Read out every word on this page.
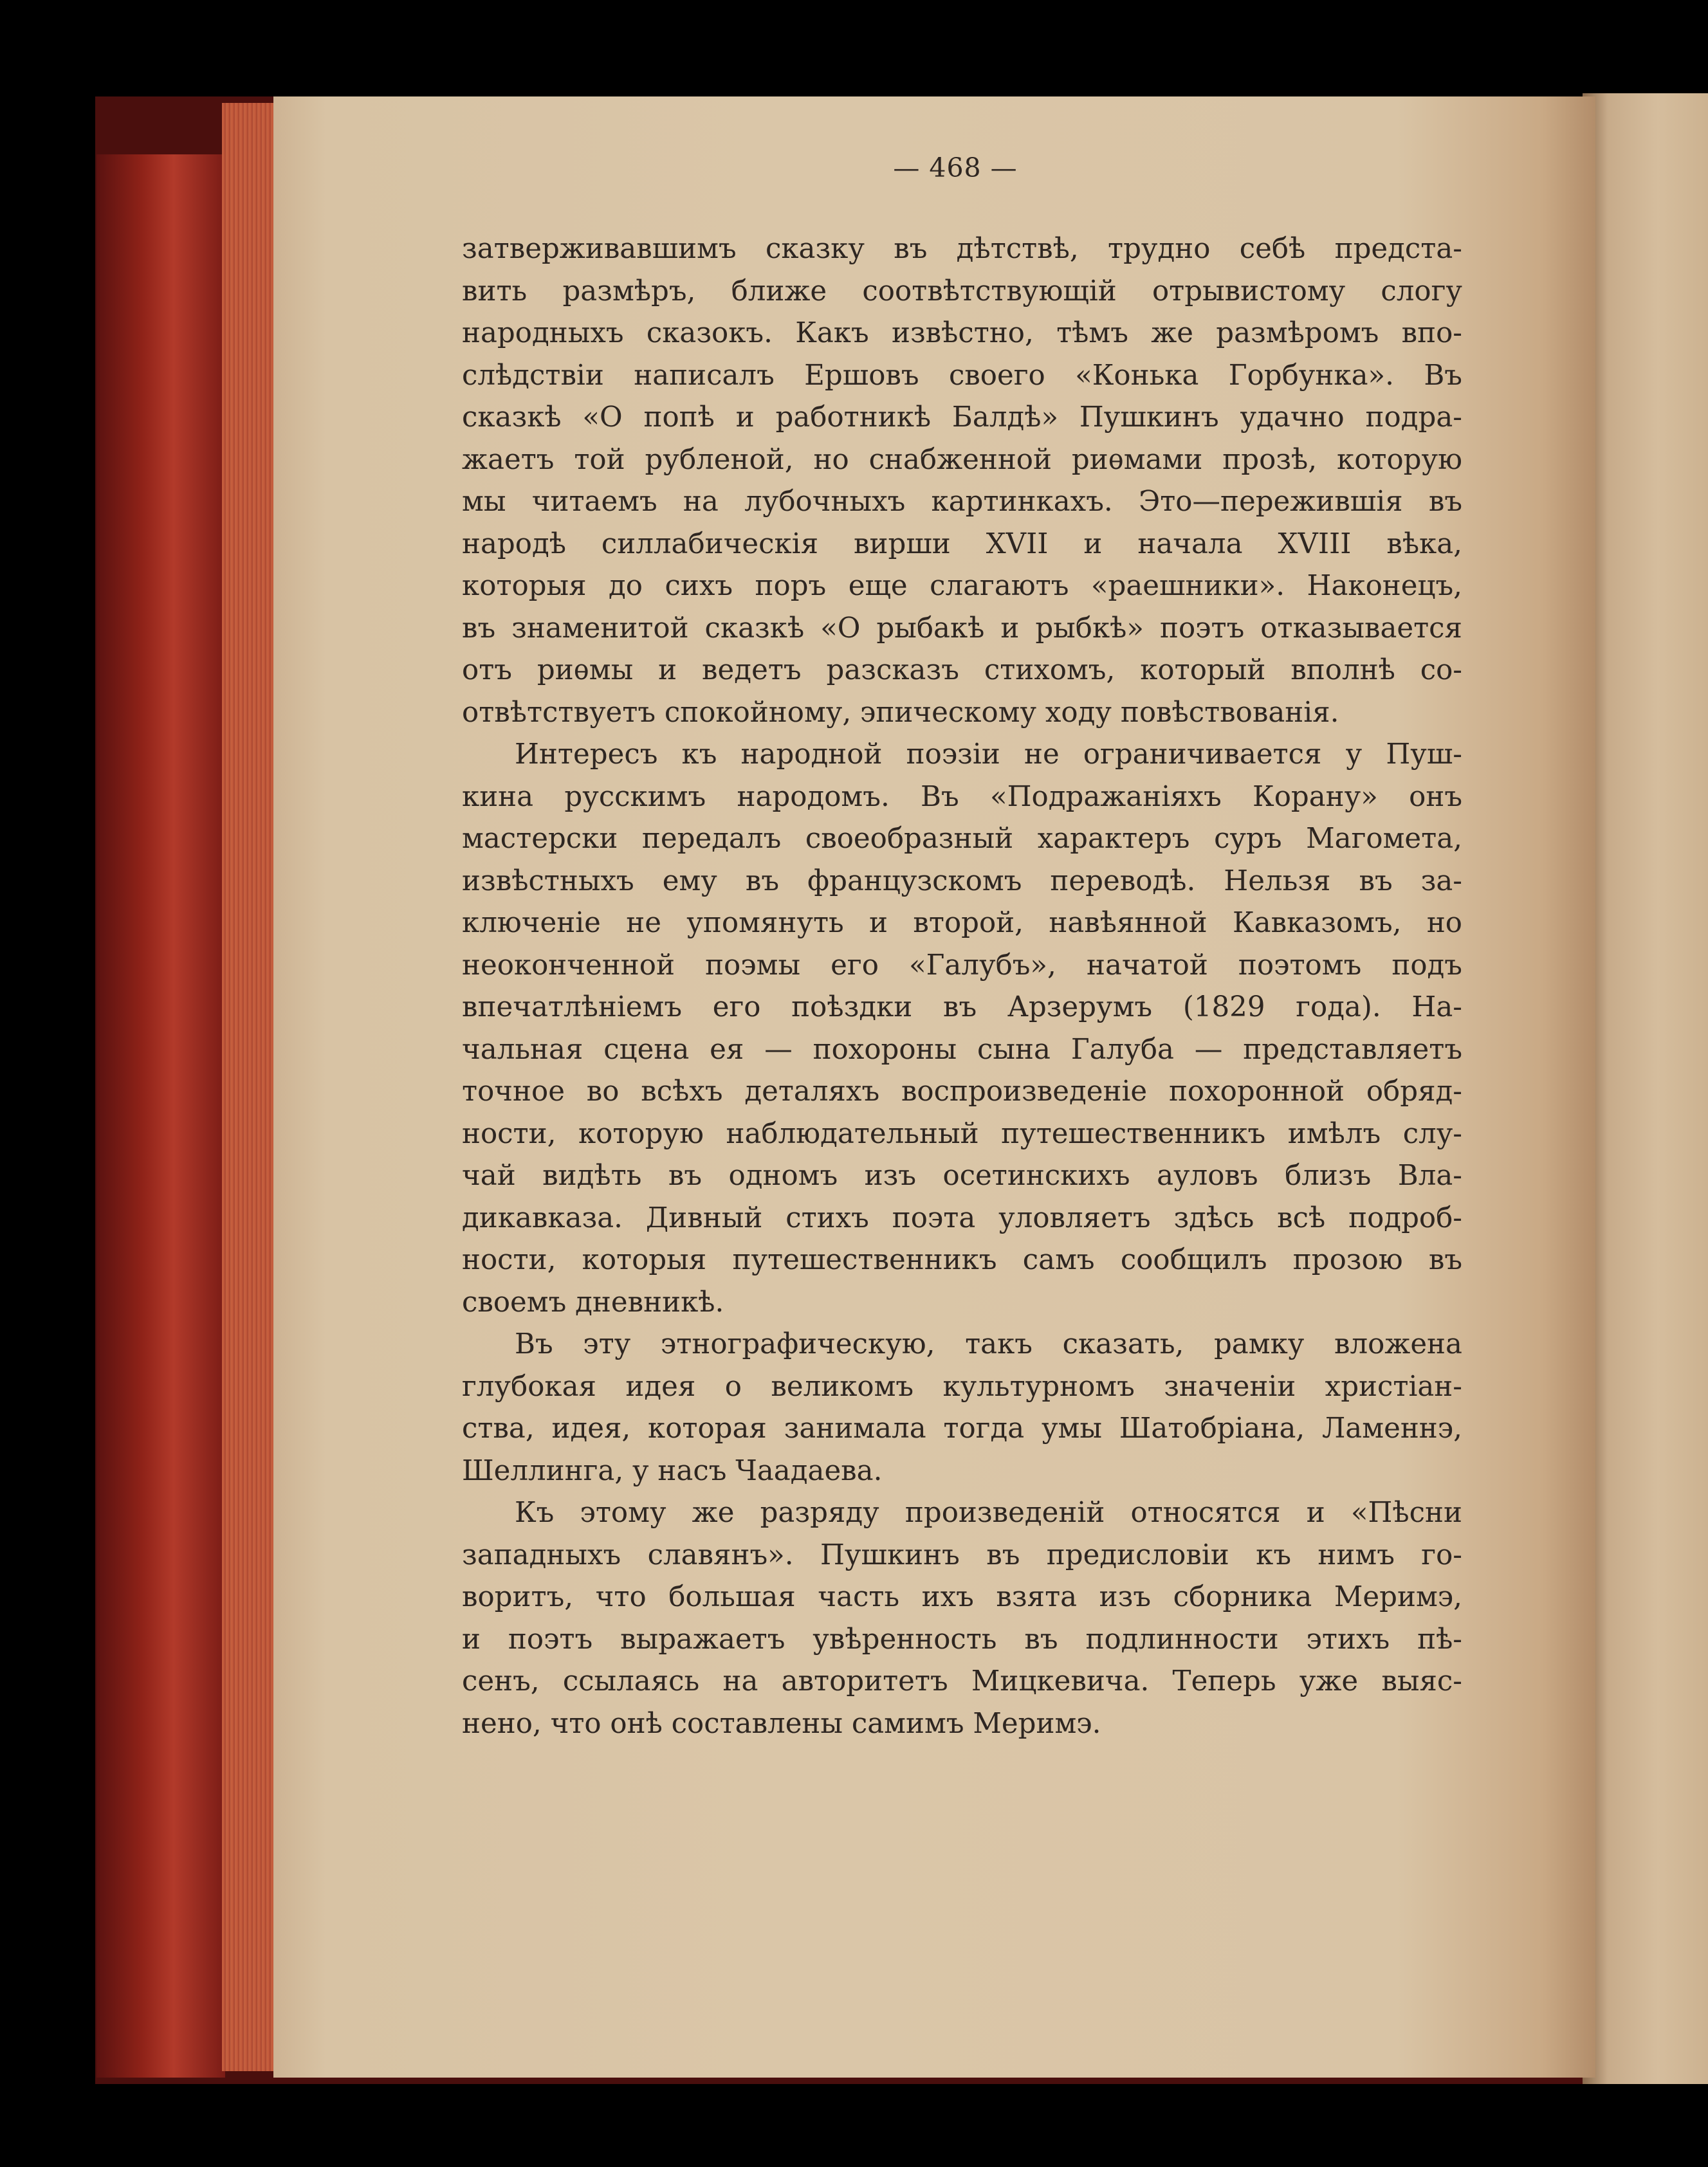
— 468 —
затверживавшимъ сказку въ дѣтствѣ, трудно себѣ предста-
вить размѣръ, ближе соотвѣтствующій отрывистому слогу
народныхъ сказокъ. Какъ извѣстно, тѣмъ же размѣромъ впо-
слѣдствіи написалъ Ершовъ своего «Конька Горбунка». Въ
сказкѣ «О попѣ и работникѣ Балдѣ» Пушкинъ удачно подра-
жаетъ той рубленой, но снабженной риѳмами прозѣ, которую
мы читаемъ на лубочныхъ картинкахъ. Это—пережившія въ
народѣ силлабическія вирши XVII и начала XVIII вѣка,
которыя до сихъ поръ еще слагаютъ «раешники». Наконецъ,
въ знаменитой сказкѣ «О рыбакѣ и рыбкѣ» поэтъ отказывается
отъ риѳмы и ведетъ разсказъ стихомъ, который вполнѣ со-
отвѣтствуетъ спокойному, эпическому ходу повѣствованія.
Интересъ къ народной поэзіи не ограничивается у Пуш-
кина русскимъ народомъ. Въ «Подражаніяхъ Корану» онъ
мастерски передалъ своеобразный характеръ суръ Магомета,
извѣстныхъ ему въ французскомъ переводѣ. Нельзя въ за-
ключеніе не упомянуть и второй, навѣянной Кавказомъ, но
неоконченной поэмы его «Галубъ», начатой поэтомъ подъ
впечатлѣніемъ его поѣздки въ Арзерумъ (1829 года). На-
чальная сцена ея — похороны сына Галуба — представляетъ
точное во всѣхъ деталяхъ воспроизведеніе похоронной обряд-
ности, которую наблюдательный путешественникъ имѣлъ слу-
чай видѣть въ одномъ изъ осетинскихъ ауловъ близъ Вла-
дикавказа. Дивный стихъ поэта уловляетъ здѣсь всѣ подроб-
ности, которыя путешественникъ самъ сообщилъ прозою въ
своемъ дневникѣ.
Въ эту этнографическую, такъ сказать, рамку вложена
глубокая идея о великомъ культурномъ значеніи христіан-
ства, идея, которая занимала тогда умы Шатобріана, Ламеннэ,
Шеллинга, у насъ Чаадаева.
Къ этому же разряду произведеній относятся и «Пѣсни
западныхъ славянъ». Пушкинъ въ предисловіи къ нимъ го-
воритъ, что большая часть ихъ взята изъ сборника Меримэ,
и поэтъ выражаетъ увѣренность въ подлинности этихъ пѣ-
сенъ, ссылаясь на авторитетъ Мицкевича. Теперь уже выяс-
нено, что онѣ составлены самимъ Меримэ.
